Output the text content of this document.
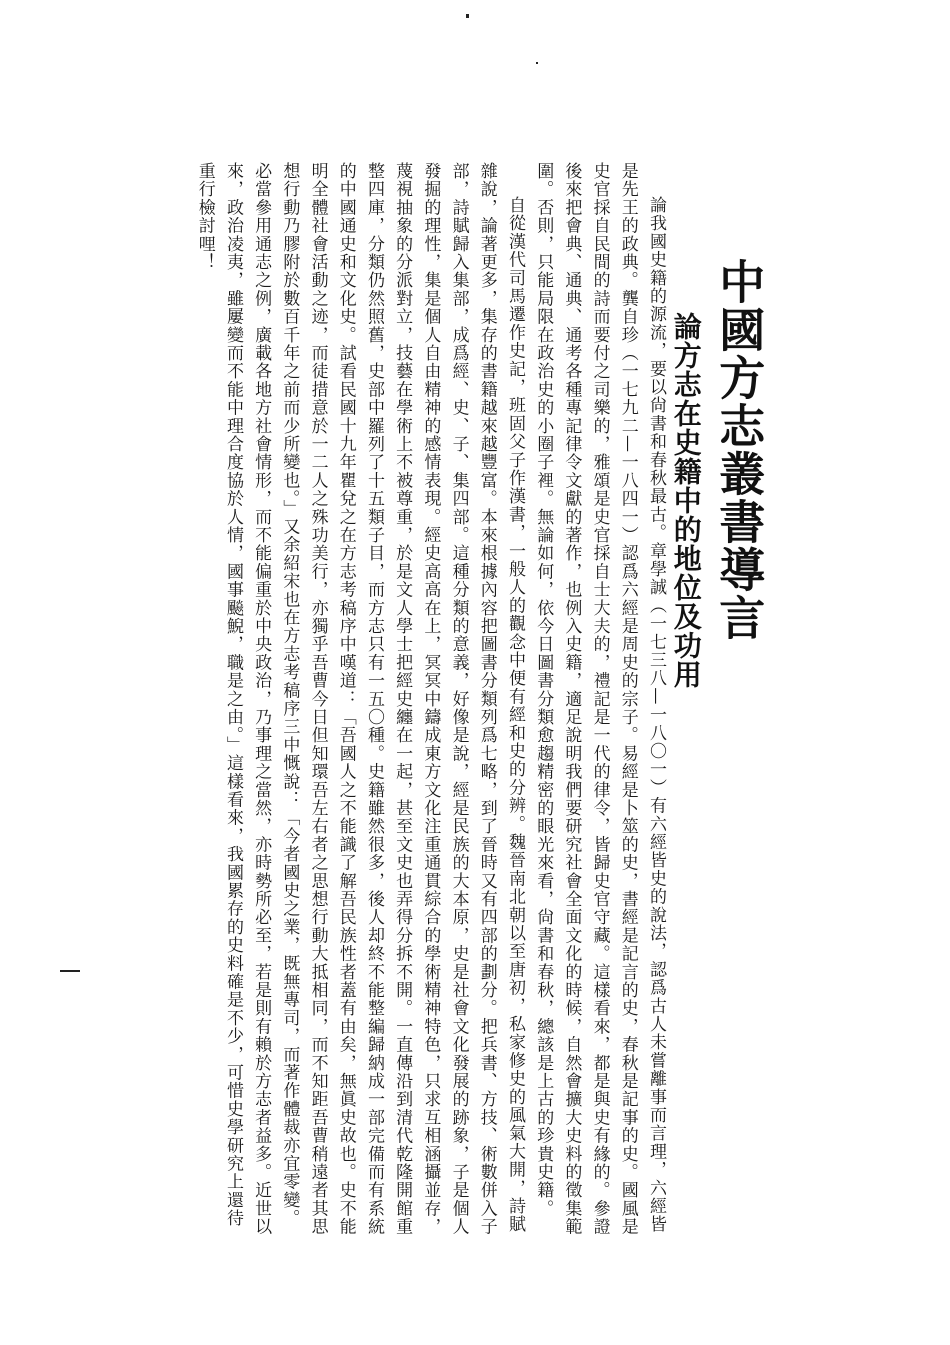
中國方志叢書導言
論方志在史籍中的地位及功用

論我國史籍的源流，要以尙書和春秋最古。章學誠（一七三八—一八〇一）有六經皆史的說法，認爲古人未嘗離事而言理，六經皆是先王的政典。龔自珍（一七九二—一八四一）認爲六經是周史的宗子。易經是卜筮的史，書經是記言的史，春秋是記事的史。國風是史官採自民間的詩而要付之司樂的，雅頌是史官採自士大夫的，禮記是一代的律令，皆歸史官守藏。這樣看來，都是與史有緣的。參證後來把會典、通典、通考各種專記律令文獻的著作，也例入史籍，適足說明我們要研究社會全面文化的時候，自然會擴大史料的徵集範圍。否則，只能局限在政治史的小圈子裡。無論如何，依今日圖書分類愈趨精密的眼光來看，尙書和春秋，總該是上古的珍貴史籍。

自從漢代司馬遷作史記，班固父子作漢書，一般人的觀念中便有經和史的分辨。魏晉南北朝以至唐初，私家修史的風氣大開，詩賦雜說，論著更多，集存的書籍越來越豐富。本來根據內容把圖書分類列爲七略，到了晉時又有四部的劃分。把兵書、方技、術數併入子部，詩賦歸入集部，成爲經、史、子、集四部。這種分類的意義，好像是說，經是民族的大本原，史是社會文化發展的跡象，子是個人發掘的理性，集是個人自由精神的感情表現。經史高高在上，冥冥中鑄成東方文化注重通貫綜合的學術精神特色，只求互相涵攝並存，蔑視抽象的分派對立，技藝在學術上不被尊重，於是文人學士把經史纏在一起，甚至文史也弄得分拆不開。一直傳沿到清代乾隆開館重整四庫，分類仍然照舊，史部中羅列了十五類子目，而方志只有一五〇種。史籍雖然很多，後人却終不能整編歸納成一部完備而有系統的中國通史和文化史。試看民國十九年瞿兌之在方志考稿序中嘆道：「吾國人之不能識了解吾民族性者蓋有由矣，無眞史故也。史不能明全體社會活動之迹，而徒措意於一二人之殊功美行，亦獨乎吾曹今日但知環吾左右者之思想行動大抵相同，而不知距吾曹稍遠者其思想行動乃膠附於數百千年之前而少所變也。」又余紹宋也在方志考稿序三中慨說：「今者國史之業，既無專司，而著作體裁亦宜零變。必當參用通志之例，廣載各地方社會情形，而不能偏重於中央政治，乃事理之當然，亦時勢所必至，若是則有賴於方志者益多。近世以來，政治凌夷，雖屢變而不能中理合度協於人情，國事飈鯢，職是之由。」這樣看來，我國累存的史料確是不少，可惜史學研究上還待重行檢討哩！
